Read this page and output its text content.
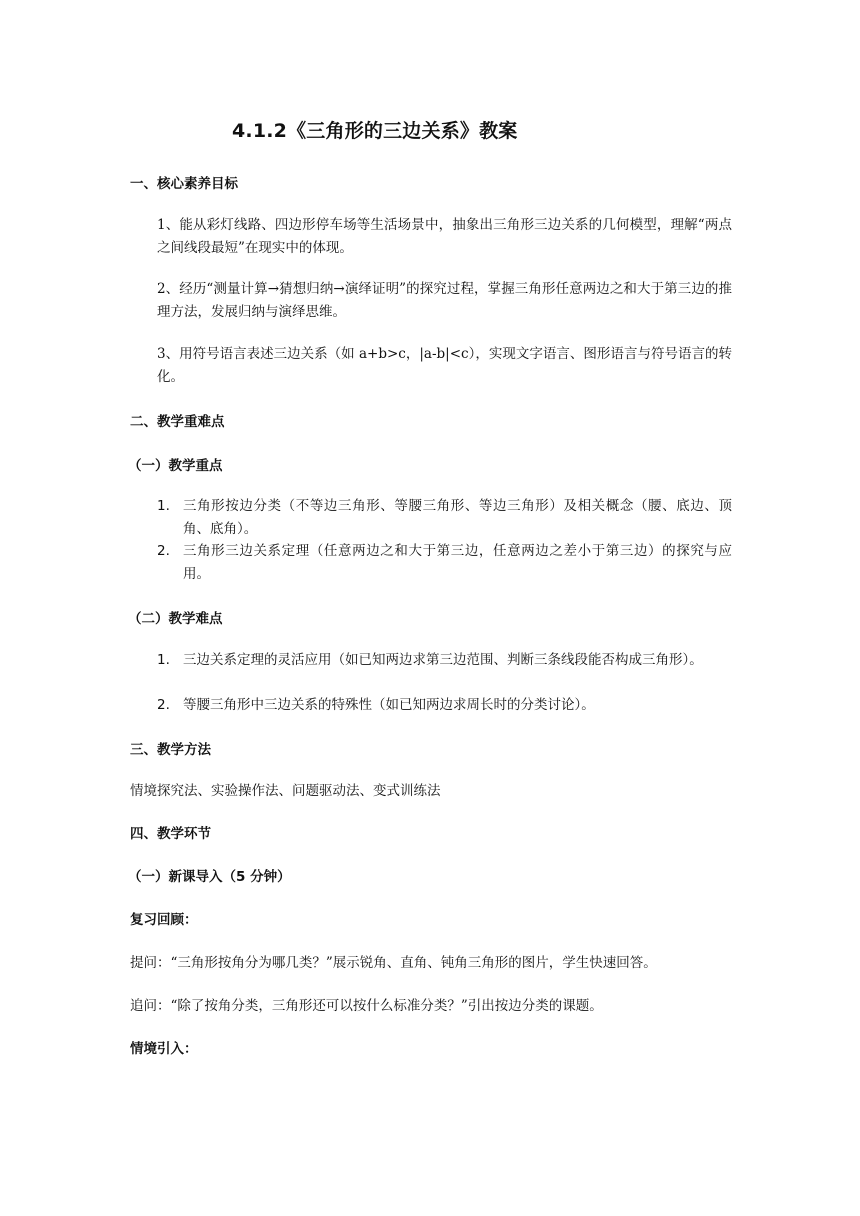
4.1.2《三角形的三边关系》教案
一、核心素养目标
1、能从彩灯线路、四边形停车场等生活场景中，抽象出三角形三边关系的几何模型，理解“两点之间线段最短”在现实中的体现。
2、经历“测量计算→猜想归纳→演绎证明”的探究过程，掌握三角形任意两边之和大于第三边的推理方法，发展归纳与演绎思维。
3、用符号语言表述三边关系（如 a+b>c，|a-b|<c），实现文字语言、图形语言与符号语言的转化。
二、教学重难点
（一）教学重点
1. 三角形按边分类（不等边三角形、等腰三角形、等边三角形）及相关概念（腰、底边、顶角、底角）。
2. 三角形三边关系定理（任意两边之和大于第三边，任意两边之差小于第三边）的探究与应用。
（二）教学难点
1. 三边关系定理的灵活应用（如已知两边求第三边范围、判断三条线段能否构成三角形）。
2. 等腰三角形中三边关系的特殊性（如已知两边求周长时的分类讨论）。
三、教学方法
情境探究法、实验操作法、问题驱动法、变式训练法
四、教学环节
（一）新课导入（5 分钟）
复习回顾：
提问：“三角形按角分为哪几类？”展示锐角、直角、钝角三角形的图片，学生快速回答。
追问：“除了按角分类，三角形还可以按什么标准分类？”引出按边分类的课题。
情境引入：
